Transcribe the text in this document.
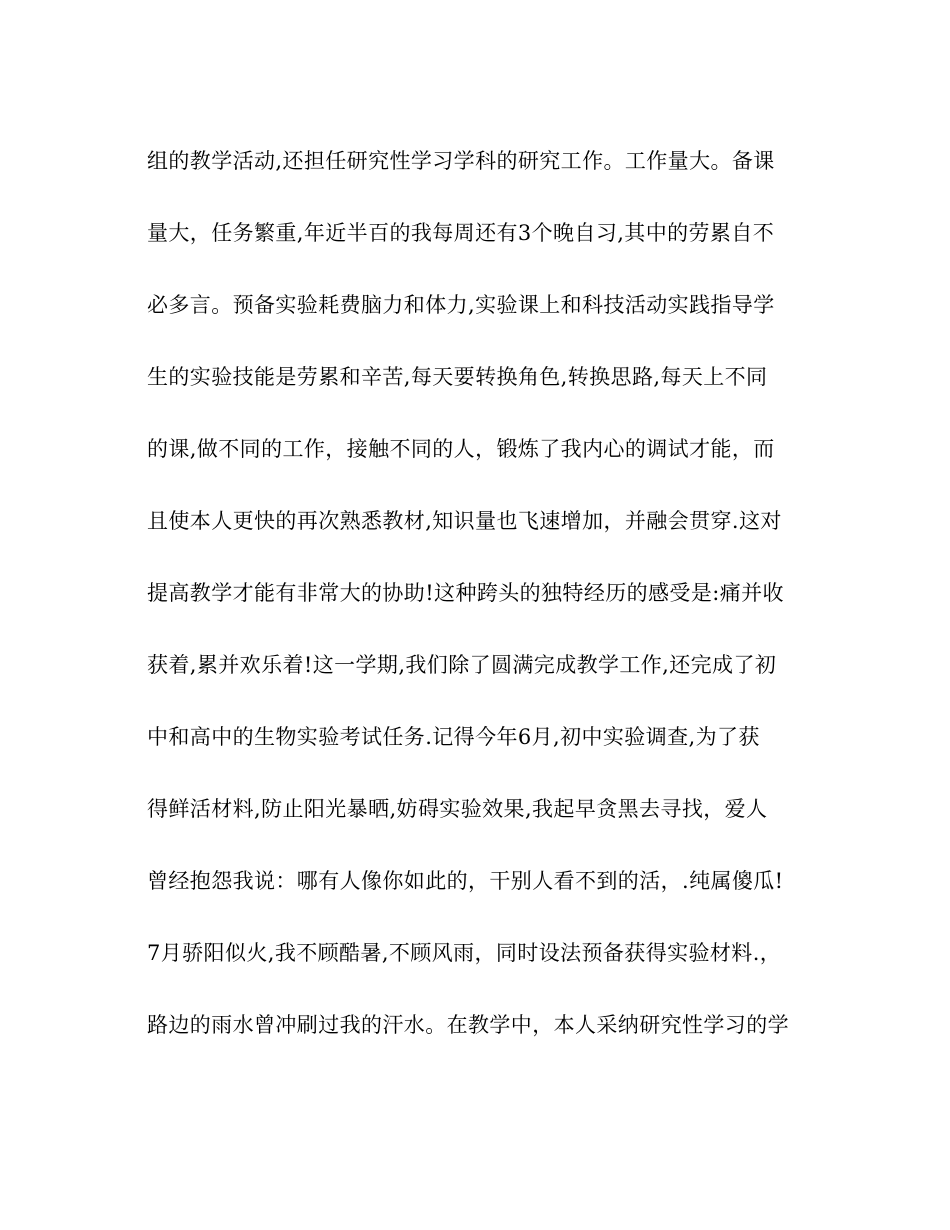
组的教学活动,还担任研究性学习学科的研究工作。工作量大。备课
量大，任务繁重,年近半百的我每周还有3个晚自习,其中的劳累自不
必多言。预备实验耗费脑力和体力,实验课上和科技活动实践指导学
生的实验技能是劳累和辛苦,每天要转换角色,转换思路,每天上不同
的课,做不同的工作，接触不同的人，锻炼了我内心的调试才能，而
且使本人更快的再次熟悉教材,知识量也飞速增加，并融会贯穿.这对
提高教学才能有非常大的协助!这种跨头的独特经历的感受是:痛并收
获着,累并欢乐着!这一学期,我们除了圆满完成教学工作,还完成了初
中和高中的生物实验考试任务.记得今年6月,初中实验调查,为了获
得鲜活材料,防止阳光暴晒,妨碍实验效果,我起早贪黑去寻找，爱人
曾经抱怨我说：哪有人像你如此的，干别人看不到的活，.纯属傻瓜!
7月骄阳似火,我不顾酷暑,不顾风雨，同时设法预备获得实验材料.，
路边的雨水曾冲刷过我的汗水。在教学中，本人采纳研究性学习的学
